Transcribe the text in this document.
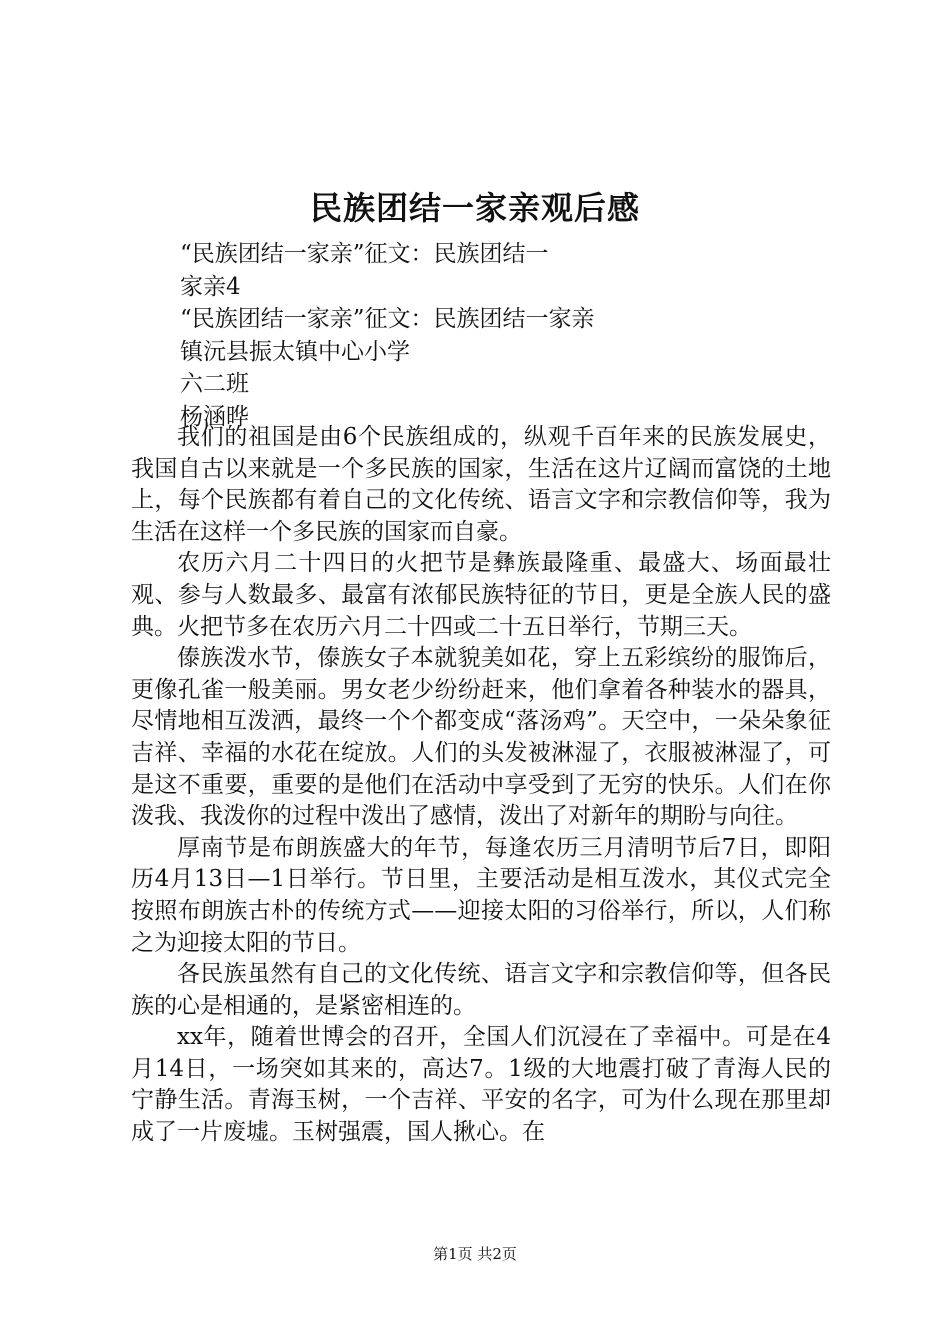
民族团结一家亲观后感
“民族团结一家亲”征文：民族团结一
家亲4
“民族团结一家亲”征文：民族团结一家亲
镇沅县振太镇中心小学
六二班
杨涵晔

我们的祖国是由6个民族组成的，纵观千百年来的民族发展史，我国自古以来就是一个多民族的国家，生活在这片辽阔而富饶的土地上，每个民族都有着自己的文化传统、语言文字和宗教信仰等，我为生活在这样一个多民族的国家而自豪。

农历六月二十四日的火把节是彝族最隆重、最盛大、场面最壮观、参与人数最多、最富有浓郁民族特征的节日，更是全族人民的盛典。火把节多在农历六月二十四或二十五日举行，节期三天。

傣族泼水节，傣族女子本就貌美如花，穿上五彩缤纷的服饰后，更像孔雀一般美丽。男女老少纷纷赶来，他们拿着各种装水的器具，尽情地相互泼洒，最终一个个都变成“落汤鸡”。天空中，一朵朵象征吉祥、幸福的水花在绽放。人们的头发被淋湿了，衣服被淋湿了，可是这不重要，重要的是他们在活动中享受到了无穷的快乐。人们在你泼我、我泼你的过程中泼出了感情，泼出了对新年的期盼与向往。

厚南节是布朗族盛大的年节，每逢农历三月清明节后7日，即阳历4月13日—1日举行。节日里，主要活动是相互泼水，其仪式完全按照布朗族古朴的传统方式——迎接太阳的习俗举行，所以，人们称之为迎接太阳的节日。

各民族虽然有自己的文化传统、语言文字和宗教信仰等，但各民族的心是相通的，是紧密相连的。

xx年，随着世博会的召开，全国人们沉浸在了幸福中。可是在4月14日，一场突如其来的，高达7。1级的大地震打破了青海人民的宁静生活。青海玉树，一个吉祥、平安的名字，可为什么现在那里却成了一片废墟。玉树强震，国人揪心。在

第1页 共2页
